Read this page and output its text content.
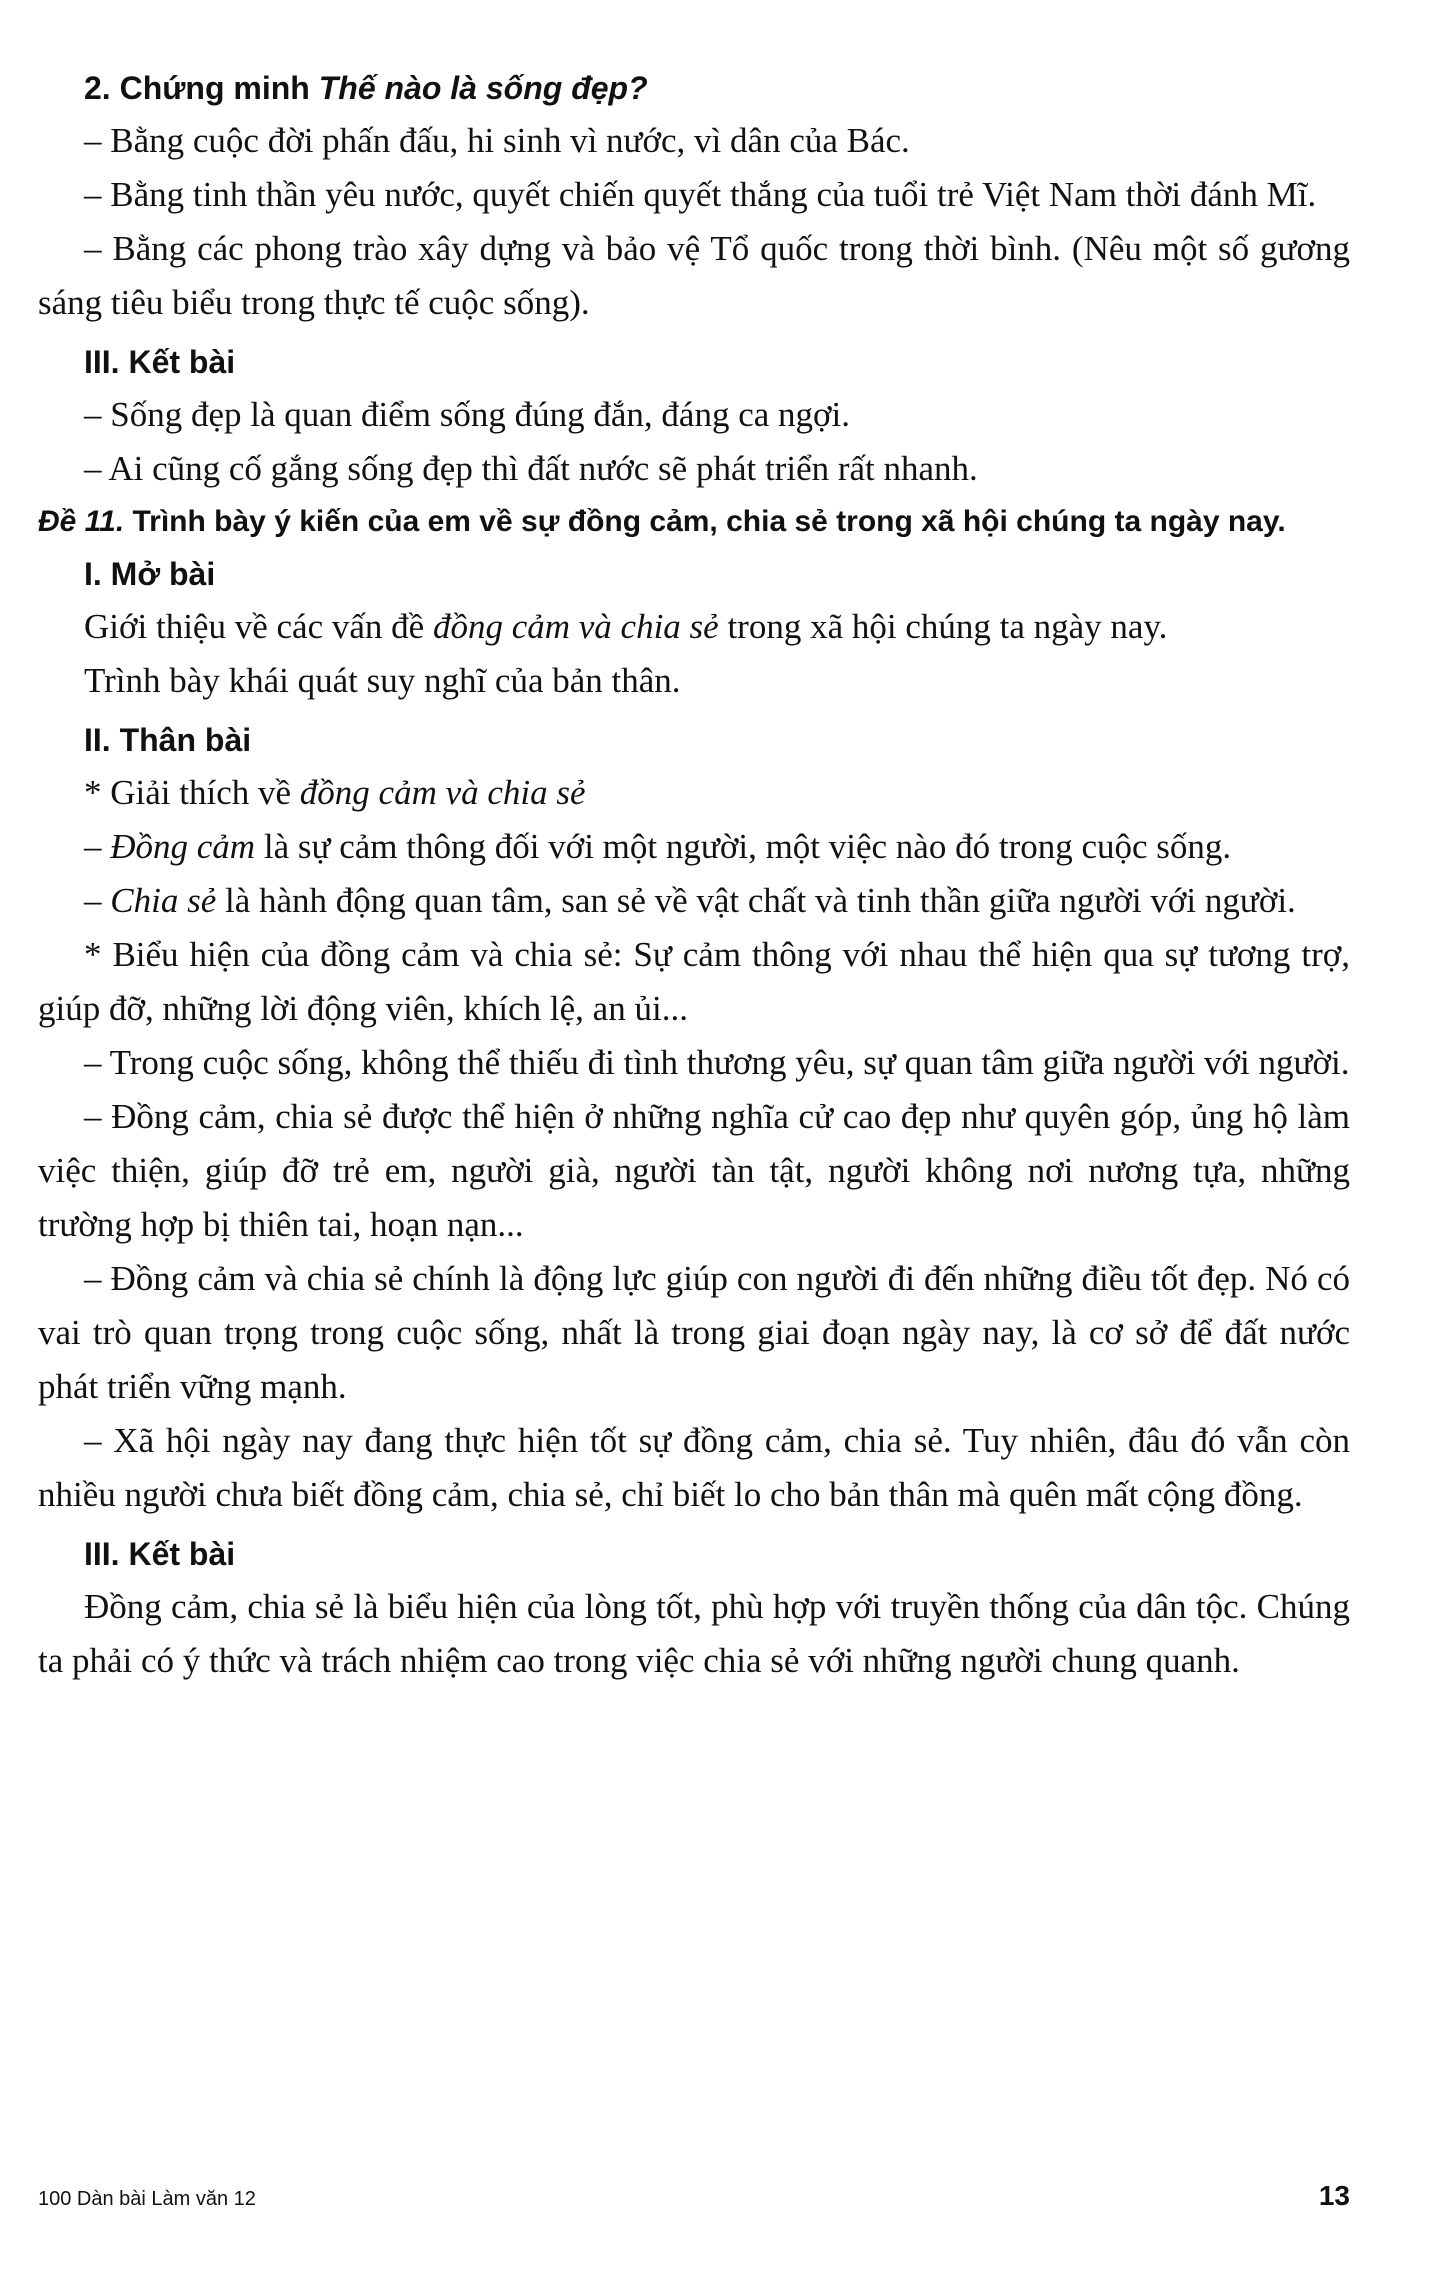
2. Chứng minh Thế nào là sống đẹp?

– Bằng cuộc đời phấn đấu, hi sinh vì nước, vì dân của Bác.

– Bằng tinh thần yêu nước, quyết chiến quyết thắng của tuổi trẻ Việt Nam thời đánh Mĩ.

– Bằng các phong trào xây dựng và bảo vệ Tổ quốc trong thời bình. (Nêu một số gương sáng tiêu biểu trong thực tế cuộc sống).

III. Kết bài

– Sống đẹp là quan điểm sống đúng đắn, đáng ca ngợi.

– Ai cũng cố gắng sống đẹp thì đất nước sẽ phát triển rất nhanh.

Đề 11. Trình bày ý kiến của em về sự đồng cảm, chia sẻ trong xã hội chúng ta ngày nay.

I. Mở bài

Giới thiệu về các vấn đề đồng cảm và chia sẻ trong xã hội chúng ta ngày nay.

Trình bày khái quát suy nghĩ của bản thân.

II. Thân bài

* Giải thích về đồng cảm và chia sẻ

– Đồng cảm là sự cảm thông đối với một người, một việc nào đó trong cuộc sống.

– Chia sẻ là hành động quan tâm, san sẻ về vật chất và tinh thần giữa người với người.

* Biểu hiện của đồng cảm và chia sẻ: Sự cảm thông với nhau thể hiện qua sự tương trợ, giúp đỡ, những lời động viên, khích lệ, an ủi...

– Trong cuộc sống, không thể thiếu đi tình thương yêu, sự quan tâm giữa người với người.

– Đồng cảm, chia sẻ được thể hiện ở những nghĩa cử cao đẹp như quyên góp, ủng hộ làm việc thiện, giúp đỡ trẻ em, người già, người tàn tật, người không nơi nương tựa, những trường hợp bị thiên tai, hoạn nạn...

– Đồng cảm và chia sẻ chính là động lực giúp con người đi đến những điều tốt đẹp. Nó có vai trò quan trọng trong cuộc sống, nhất là trong giai đoạn ngày nay, là cơ sở để đất nước phát triển vững mạnh.

– Xã hội ngày nay đang thực hiện tốt sự đồng cảm, chia sẻ. Tuy nhiên, đâu đó vẫn còn nhiều người chưa biết đồng cảm, chia sẻ, chỉ biết lo cho bản thân mà quên mất cộng đồng.

III. Kết bài

Đồng cảm, chia sẻ là biểu hiện của lòng tốt, phù hợp với truyền thống của dân tộc. Chúng ta phải có ý thức và trách nhiệm cao trong việc chia sẻ với những người chung quanh.

100 Dàn bài Làm văn 12	13
